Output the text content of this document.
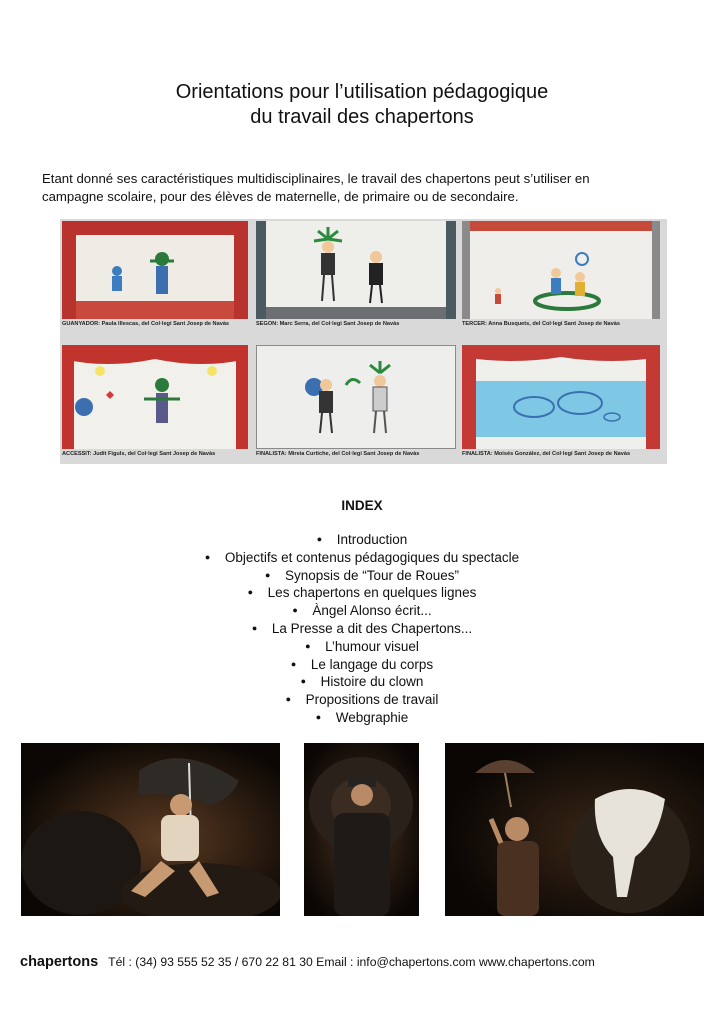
Orientations pour l’utilisation pédagogique
du travail des chapertons
Etant donné ses caractéristiques multidisciplinaires, le travail des chapertons peut s’utiliser en
campagne scolaire, pour des élèves de maternelle, de primaire ou de secondaire.
GUANYADOR: Paula Illescas, del Col·legi Sant Josep de Navàs	SEGON: Marc Serra, del Col·legi Sant Josep de Navàs	TERCER: Anna Busquets, del Col·legi Sant Josep de Navàs
ACCÈSSIT: Judit Figuls, del Col·legi Sant Josep de Navàs	FINALISTA: Mireia Curtiche, del Col·legi Sant Josep de Navàs	FINALISTA: Moisés González, del Col·legi Sant Josep de Navàs
INDEX
● Introduction
● Objectifs et contenus pédagogiques du spectacle
● Synopsis de “Tour de Roues”
● Les chapertons en quelques lignes
● Àngel Alonso écrit...
● La Presse a dit des Chapertons...
● L’humour visuel
● Le langage du corps
● Histoire du clown
● Propositions de travail
● Webgraphie
chapertons Tél : (34) 93 555 52 35 / 670 22 81 30 Email : info@chapertons.com www.chapertons.com
